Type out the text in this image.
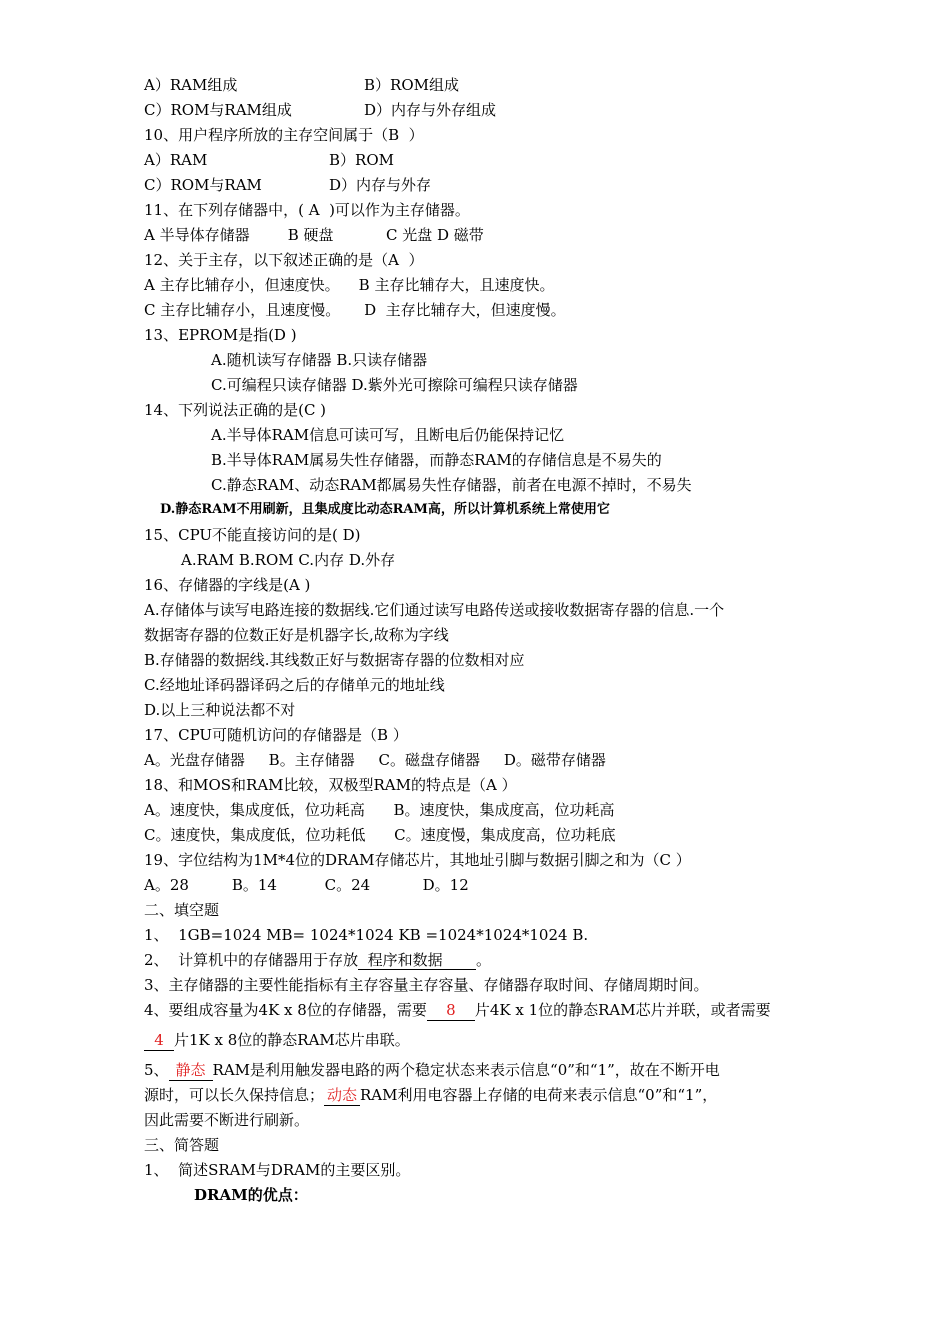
A）RAM组成	B）ROM组成
C）ROM与RAM组成	D）内存与外存组成
10、用户程序所放的主存空间属于（B  ）
A）RAM	B）ROM
C）ROM与RAM	D）内存与外存
11、在下列存储器中，( A  )可以作为主存储器。
A 半导体存储器        B 硬盘           C 光盘 D 磁带
12、关于主存，以下叙述正确的是（A  ）
A 主存比辅存小，但速度快。    B 主存比辅存大，且速度快。
C 主存比辅存小，且速度慢。     D  主存比辅存大，但速度慢。
13、EPROM是指(D )
A.随机读写存储器 B.只读存储器
C.可编程只读存储器 D.紫外光可擦除可编程只读存储器
14、下列说法正确的是(C )
A.半导体RAM信息可读可写，且断电后仍能保持记忆
B.半导体RAM属易失性存储器，而静态RAM的存储信息是不易失的
C.静态RAM、动态RAM都属易失性存储器，前者在电源不掉时，不易失
D.静态RAM不用刷新，且集成度比动态RAM高，所以计算机系统上常使用它
15、CPU不能直接访问的是( D)
A.RAM B.ROM C.内存 D.外存
16、存储器的字线是(A )
A.存储体与读写电路连接的数据线.它们通过读写电路传送或接收数据寄存器的信息.一个
数据寄存器的位数正好是机器字长,故称为字线
B.存储器的数据线.其线数正好与数据寄存器的位数相对应
C.经地址译码器译码之后的存储单元的地址线
D.以上三种说法都不对
17、CPU可随机访问的存储器是（B ）
A。光盘存储器     B。主存储器     C。磁盘存储器     D。磁带存储器
18、和MOS和RAM比较，双极型RAM的特点是（A ）
A。速度快，集成度低，位功耗高      B。速度快，集成度高，位功耗高
C。速度快，集成度低，位功耗低      C。速度慢，集成度高，位功耗底
19、字位结构为1M*4位的DRAM存储芯片，其地址引脚与数据引脚之和为（C ）
A。28         B。14          C。24           D。12
二、填空题
1、  1GB=1024 MB= 1024*1024 KB =1024*1024*1024 B.
2、  计算机中的存储器用于存放  程序和数据       。
3、主存储器的主要性能指标有主存容量主存容量、存储器存取时间、存储周期时间。
4、要组成容量为4K x 8位的存储器，需要 8 片4K x 1位的静态RAM芯片并联，或者需要
4 片1K x 8位的静态RAM芯片串联。
5、 静态 RAM是利用触发器电路的两个稳定状态来表示信息“0”和“1”，故在不断开电
源时，可以长久保持信息； 动态 RAM利用电容器上存储的电荷来表示信息“0”和“1”，
因此需要不断进行刷新。
三、简答题
1、  简述SRAM与DRAM的主要区别。
DRAM的优点：
